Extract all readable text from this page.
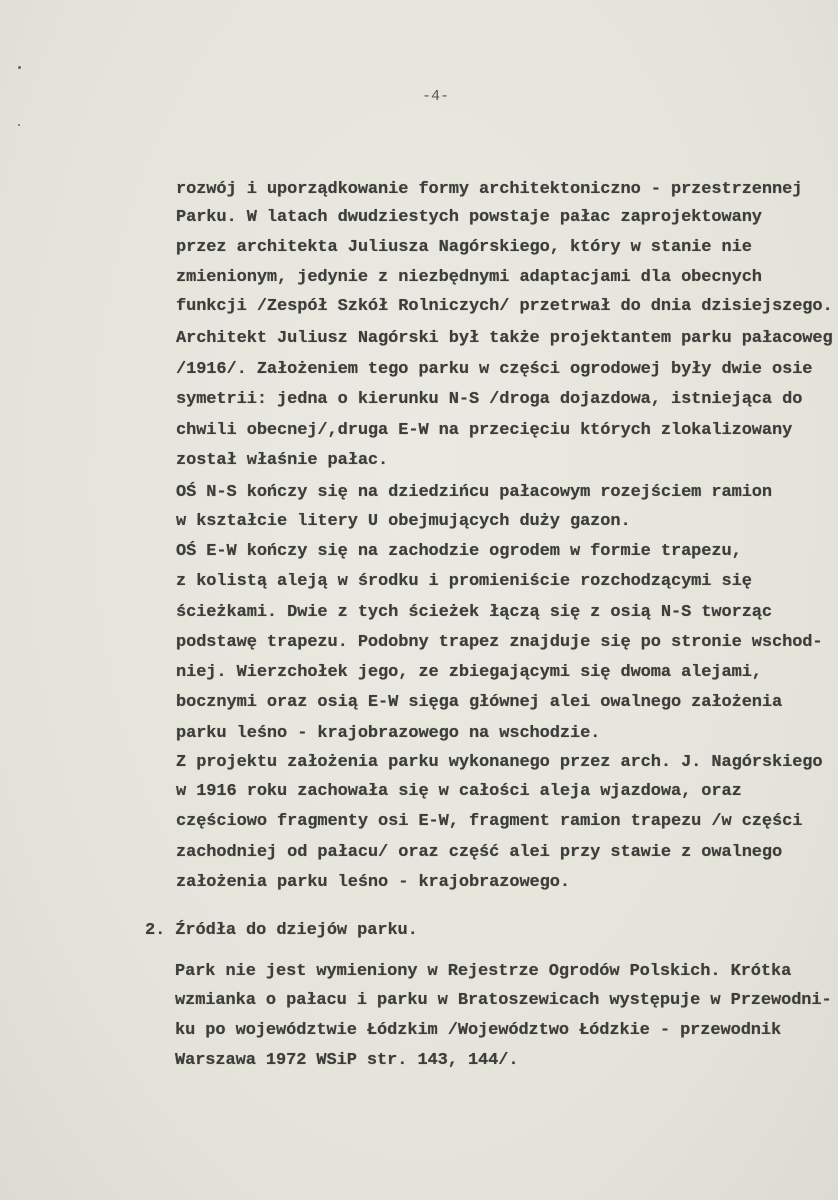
-4-
rozwój i uporządkowanie formy architektoniczno - przestrzennej
Parku. W latach dwudziestych powstaje pałac zaprojektowany
przez architekta Juliusza Nagórskiego, który w stanie nie
zmienionym, jedynie z niezbędnymi adaptacjami dla obecnych
funkcji /Zespół Szkół Rolniczych/ przetrwał do dnia dzisiejszego.
Architekt Juliusz Nagórski był także projektantem parku pałacoweg
/1916/. Założeniem tego parku w części ogrodowej były dwie osie
symetrii: jedna o kierunku N-S /droga dojazdowa, istniejąca do
chwili obecnej/,druga E-W na przecięciu których zlokalizowany
został właśnie pałac.
OŚ N-S kończy się na dziedzińcu pałacowym rozejściem ramion
w kształcie litery U obejmujących duży gazon.
OŚ E-W kończy się na zachodzie ogrodem w formie trapezu,
z kolistą aleją w środku i promieniście rozchodzącymi się
ścieżkami. Dwie z tych ścieżek łączą się z osią N-S tworząc
podstawę trapezu. Podobny trapez znajduje się po stronie wschod-
niej. Wierzchołek jego, ze zbiegającymi się dwoma alejami,
bocznymi oraz osią E-W sięga głównej alei owalnego założenia
parku leśno - krajobrazowego na wschodzie.
Z projektu założenia parku wykonanego przez arch. J. Nagórskiego
w 1916 roku zachowała się w całości aleja wjazdowa, oraz
częściowo fragmenty osi E-W, fragment ramion trapezu /w części
zachodniej od pałacu/ oraz część alei przy stawie z owalnego
założenia parku leśno - krajobrazowego.
2. Źródła do dziejów parku.
Park nie jest wymieniony w Rejestrze Ogrodów Polskich. Krótka
wzmianka o pałacu i parku w Bratoszewicach występuje w Przewodni-
ku po województwie Łódzkim /Województwo Łódzkie - przewodnik
Warszawa 1972 WSiP str. 143, 144/.
